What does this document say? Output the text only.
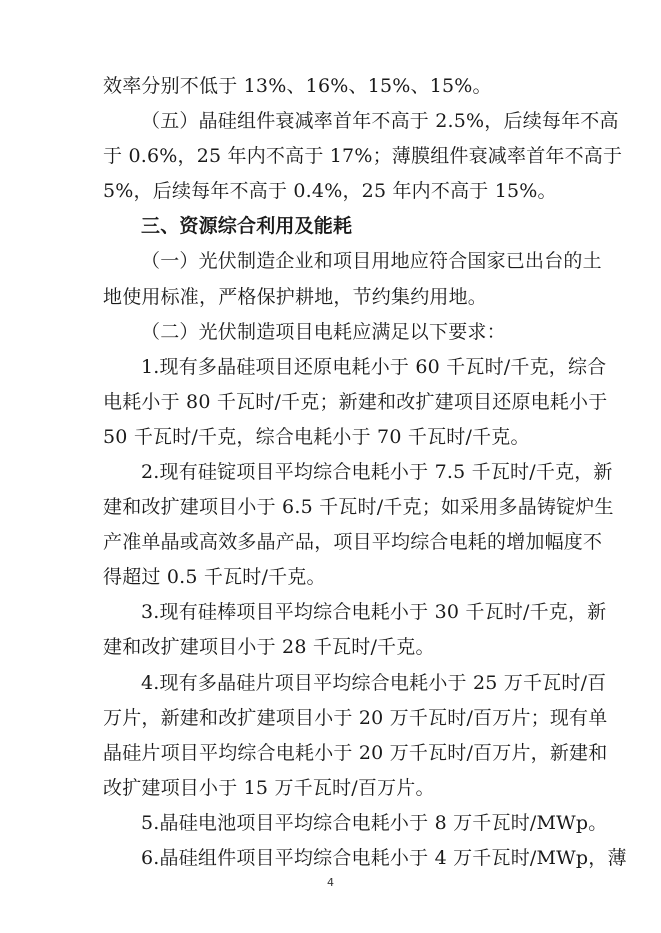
效率分别不低于 13%、16%、15%、15%。
（五）晶硅组件衰减率首年不高于 2.5%，后续每年不高
于 0.6%，25 年内不高于 17%；薄膜组件衰减率首年不高于
5%，后续每年不高于 0.4%，25 年内不高于 15%。
三、资源综合利用及能耗
（一）光伏制造企业和项目用地应符合国家已出台的土
地使用标准，严格保护耕地，节约集约用地。
（二）光伏制造项目电耗应满足以下要求：
1.现有多晶硅项目还原电耗小于 60 千瓦时/千克，综合
电耗小于 80 千瓦时/千克；新建和改扩建项目还原电耗小于
50 千瓦时/千克，综合电耗小于 70 千瓦时/千克。
2.现有硅锭项目平均综合电耗小于 7.5 千瓦时/千克，新
建和改扩建项目小于 6.5 千瓦时/千克；如采用多晶铸锭炉生
产准单晶或高效多晶产品，项目平均综合电耗的增加幅度不
得超过 0.5 千瓦时/千克。
3.现有硅棒项目平均综合电耗小于 30 千瓦时/千克，新
建和改扩建项目小于 28 千瓦时/千克。
4.现有多晶硅片项目平均综合电耗小于 25 万千瓦时/百
万片，新建和改扩建项目小于 20 万千瓦时/百万片；现有单
晶硅片项目平均综合电耗小于 20 万千瓦时/百万片，新建和
改扩建项目小于 15 万千瓦时/百万片。
5.晶硅电池项目平均综合电耗小于 8 万千瓦时/MWp。
6.晶硅组件项目平均综合电耗小于 4 万千瓦时/MWp，薄
4
